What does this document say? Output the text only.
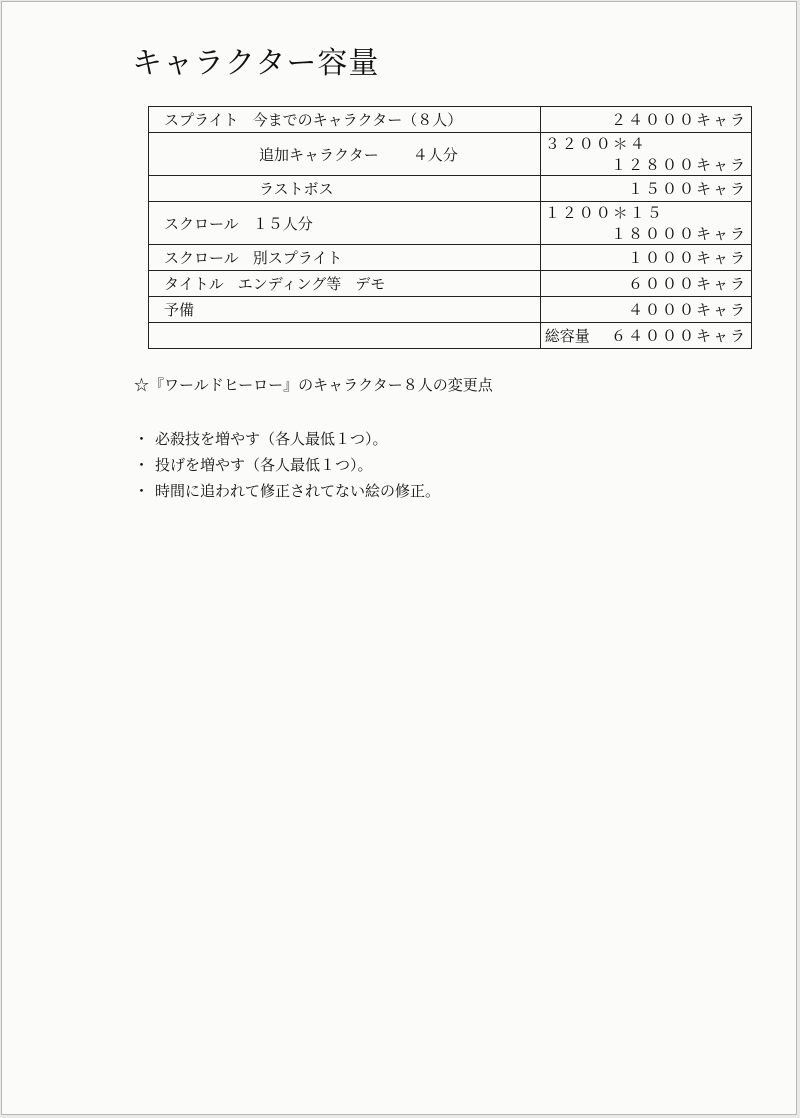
キャラクター容量
スプライト 今までのキャラクター（８人）	２４０００キャラ

追加キャラクター ４人分	３２００＊４
１２８００キャラ

ラストボス	１５００キャラ

スクロール １５人分	１２００＊１５
１８０００キャラ

スクロール 別スプライト	１０００キャラ

タイトル エンディング等 デモ	６０００キャラ

予備	４０００キャラ

	総容量 ６４０００キャラ

☆『ワールドヒーロー』のキャラクター８人の変更点

・ 必殺技を増やす（各人最低１つ）。
・ 投げを増やす（各人最低１つ）。
・ 時間に追われて修正されてない絵の修正。
